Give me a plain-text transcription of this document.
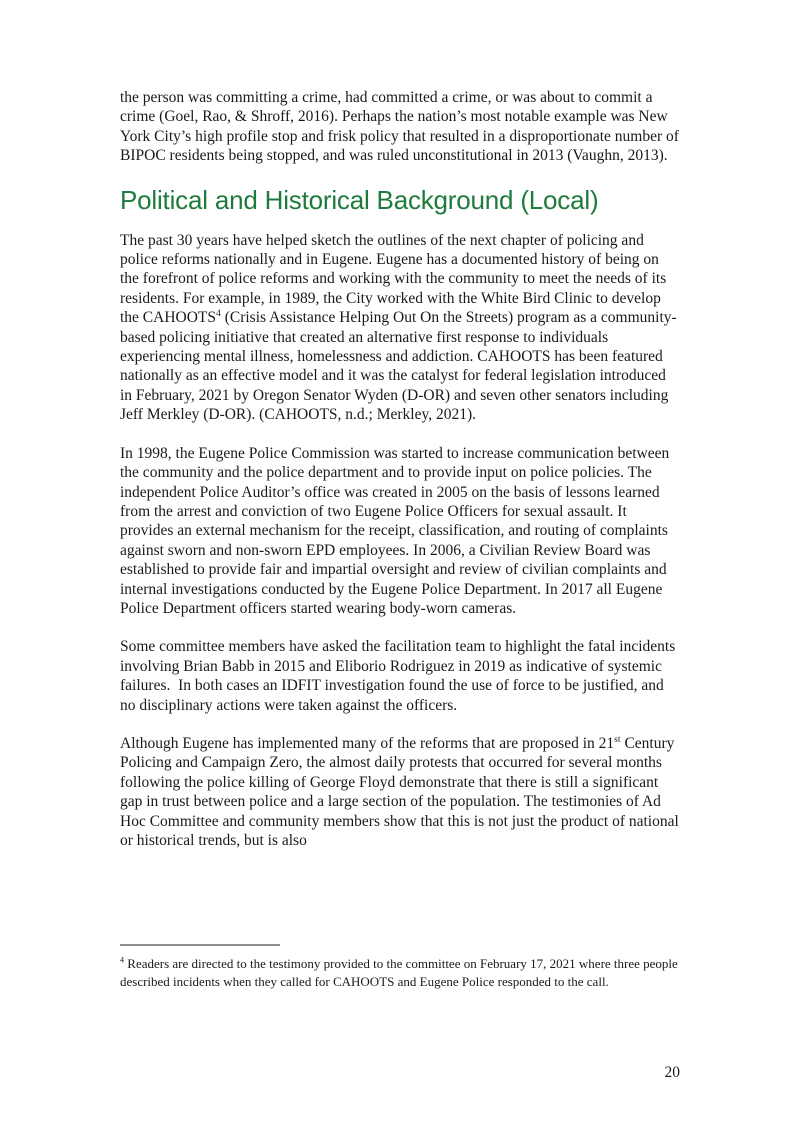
the person was committing a crime, had committed a crime, or was about to commit a crime (Goel, Rao, & Shroff, 2016). Perhaps the nation’s most notable example was New York City’s high profile stop and frisk policy that resulted in a disproportionate number of BIPOC residents being stopped, and was ruled unconstitutional in 2013 (Vaughn, 2013).

Political and Historical Background (Local)

The past 30 years have helped sketch the outlines of the next chapter of policing and police reforms nationally and in Eugene. Eugene has a documented history of being on the forefront of police reforms and working with the community to meet the needs of its residents. For example, in 1989, the City worked with the White Bird Clinic to develop the CAHOOTS$^4$ (Crisis Assistance Helping Out On the Streets) program as a community-based policing initiative that created an alternative first response to individuals experiencing mental illness, homelessness and addiction. CAHOOTS has been featured nationally as an effective model and it was the catalyst for federal legislation introduced in February, 2021 by Oregon Senator Wyden (D-OR) and seven other senators including Jeff Merkley (D-OR). (CAHOOTS, n.d.; Merkley, 2021).

In 1998, the Eugene Police Commission was started to increase communication between the community and the police department and to provide input on police policies. The independent Police Auditor’s office was created in 2005 on the basis of lessons learned from the arrest and conviction of two Eugene Police Officers for sexual assault. It provides an external mechanism for the receipt, classification, and routing of complaints against sworn and non-sworn EPD employees. In 2006, a Civilian Review Board was established to provide fair and impartial oversight and review of civilian complaints and internal investigations conducted by the Eugene Police Department. In 2017 all Eugene Police Department officers started wearing body-worn cameras.

Some committee members have asked the facilitation team to highlight the fatal incidents involving Brian Babb in 2015 and Eliborio Rodriguez in 2019 as indicative of systemic failures.  In both cases an IDFIT investigation found the use of force to be justified, and no disciplinary actions were taken against the officers.

Although Eugene has implemented many of the reforms that are proposed in 21st Century Policing and Campaign Zero, the almost daily protests that occurred for several months following the police killing of George Floyd demonstrate that there is still a significant gap in trust between police and a large section of the population. The testimonies of Ad Hoc Committee and community members show that this is not just the product of national or historical trends, but is also

$^4$ Readers are directed to the testimony provided to the committee on February 17, 2021 where three people described incidents when they called for CAHOOTS and Eugene Police responded to the call.

20
